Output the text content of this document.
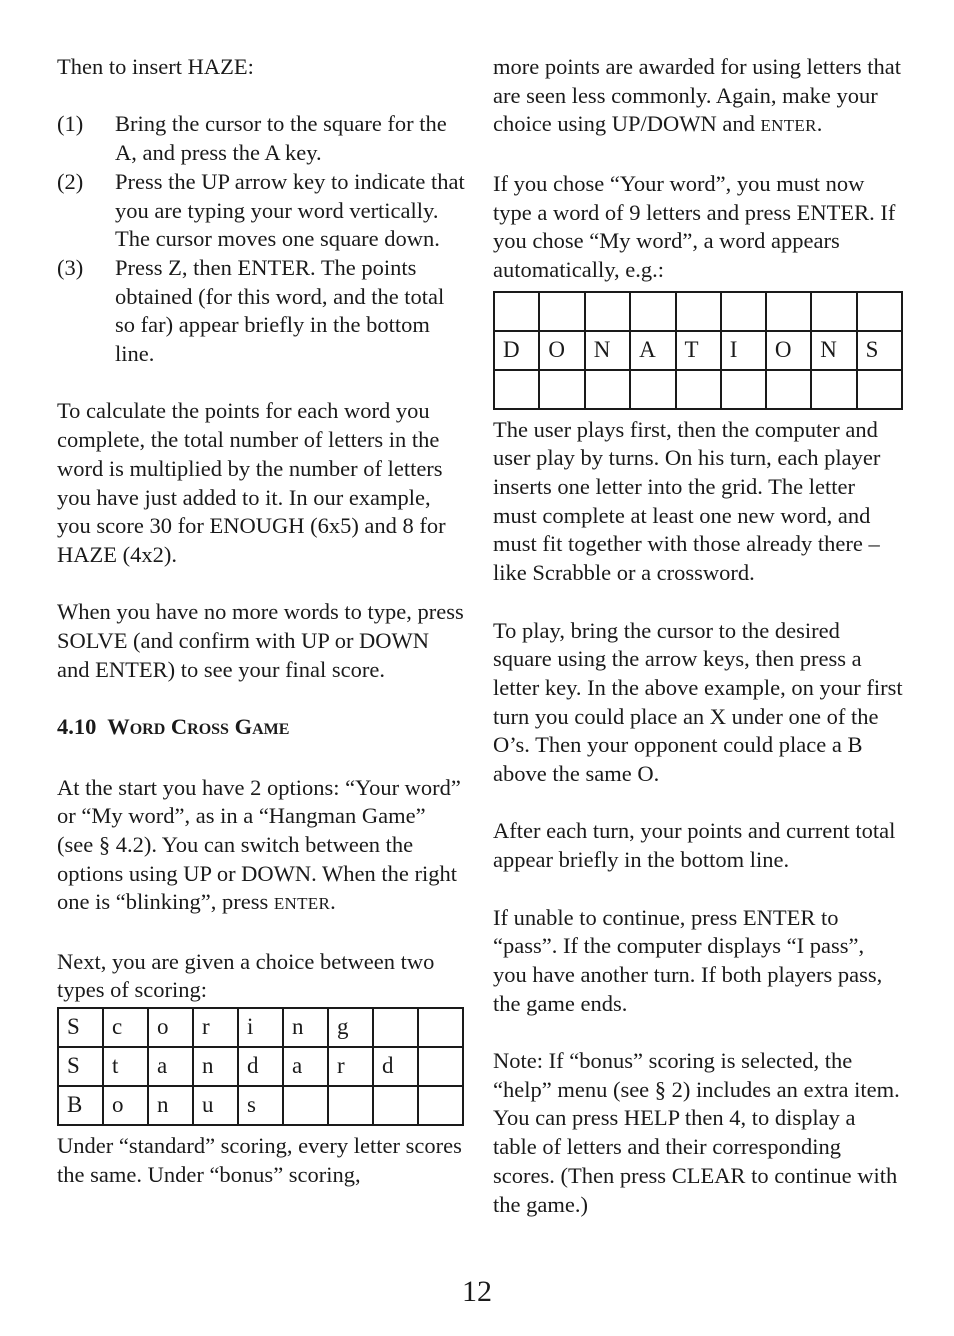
Then to insert HAZE:

(1)	Bring the cursor to the square for the A, and press the A key.
(2)	Press the UP arrow key to indicate that you are typing your word vertically. The cursor moves one square down.
(3)	Press Z, then ENTER. The points obtained (for this word, and the total so far) appear briefly in the bottom line.

To calculate the points for each word you complete, the total number of letters in the word is multiplied by the number of letters you have just added to it. In our example, you score 30 for ENOUGH (6x5) and 8 for HAZE (4x2).

When you have no more words to type, press SOLVE (and confirm with UP or DOWN and ENTER) to see your final score.

4.10 WORD CROSS GAME

At the start you have 2 options: “Your word” or “My word”, as in a “Hangman Game” (see § 4.2). You can switch between the options using UP or DOWN. When the right one is “blinking”, press ENTER.

Next, you are given a choice between two types of scoring:

S	c	o	r	i	n	g		
S	t	a	n	d	a	r	d	
B	o	n	u	s				

Under “standard” scoring, every letter scores the same. Under “bonus” scoring,

more points are awarded for using letters that are seen less commonly. Again, make your choice using UP/DOWN and ENTER.

If you chose “Your word”, you must now type a word of 9 letters and press ENTER. If you chose “My word”, a word appears automatically, e.g.:

D	O	N	A	T	I	O	N	S

The user plays first, then the computer and user play by turns. On his turn, each player inserts one letter into the grid. The letter must complete at least one new word, and must fit together with those already there – like Scrabble or a crossword.

To play, bring the cursor to the desired square using the arrow keys, then press a letter key. In the above example, on your first turn you could place an X under one of the O’s. Then your opponent could place a B above the same O.

After each turn, your points and current total appear briefly in the bottom line.

If unable to continue, press ENTER to “pass”. If the computer displays “I pass”, you have another turn. If both players pass, the game ends.

Note: If “bonus” scoring is selected, the “help” menu (see § 2) includes an extra item. You can press HELP then 4, to display a table of letters and their corresponding scores. (Then press CLEAR to continue with the game.)

12
